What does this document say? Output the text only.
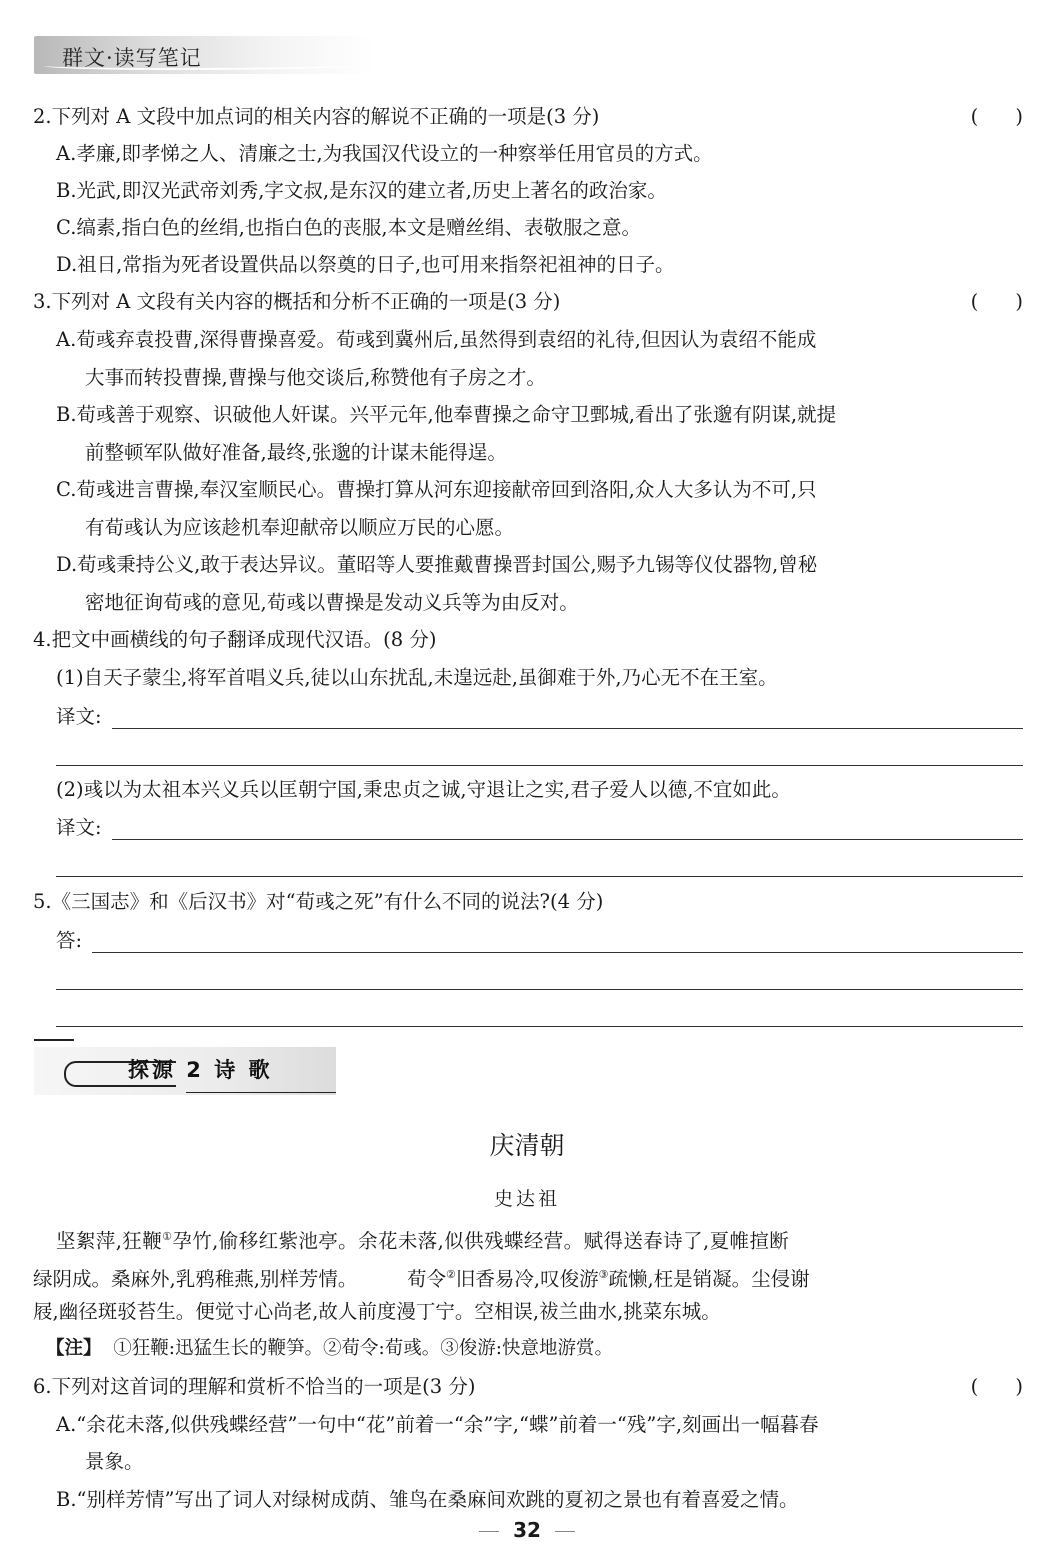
群文·读写笔记
2.下列对 A 文段中加点词的相关内容的解说不正确的一项是(3 分)	(      )
A.孝廉,即孝悌之人、清廉之士,为我国汉代设立的一种察举任用官员的方式。
B.光武,即汉光武帝刘秀,字文叔,是东汉的建立者,历史上著名的政治家。
C.缟素,指白色的丝绢,也指白色的丧服,本文是赠丝绢、表敬服之意。
D.祖日,常指为死者设置供品以祭奠的日子,也可用来指祭祀祖神的日子。
3.下列对 A 文段有关内容的概括和分析不正确的一项是(3 分)	(      )
A.荀彧弃袁投曹,深得曹操喜爱。荀彧到冀州后,虽然得到袁绍的礼待,但因认为袁绍不能成
大事而转投曹操,曹操与他交谈后,称赞他有子房之才。
B.荀彧善于观察、识破他人奸谋。兴平元年,他奉曹操之命守卫鄄城,看出了张邈有阴谋,就提
前整顿军队做好准备,最终,张邈的计谋未能得逞。
C.荀彧进言曹操,奉汉室顺民心。曹操打算从河东迎接献帝回到洛阳,众人大多认为不可,只
有荀彧认为应该趁机奉迎献帝以顺应万民的心愿。
D.荀彧秉持公义,敢于表达异议。董昭等人要推戴曹操晋封国公,赐予九锡等仪仗器物,曾秘
密地征询荀彧的意见,荀彧以曹操是发动义兵等为由反对。
4.把文中画横线的句子翻译成现代汉语。(8 分)
(1)自天子蒙尘,将军首唱义兵,徒以山东扰乱,未遑远赴,虽御难于外,乃心无不在王室。
译文:
(2)彧以为太祖本兴义兵以匡朝宁国,秉忠贞之诚,守退让之实,君子爱人以德,不宜如此。
译文:
5.《三国志》和《后汉书》对“荀彧之死”有什么不同的说法?(4 分)
答:
探源 2 诗 歌
庆清朝
史达祖
坚絮萍,狂鞭①孕竹,偷移红紫池亭。余花未落,似供残蝶经营。赋得送春诗了,夏帷揎断
绿阴成。桑麻外,乳鸦稚燕,别样芳情。        荀令②旧香易冷,叹俊游③疏懒,枉是销凝。尘侵谢
屐,幽径斑驳苔生。便觉寸心尚老,故人前度漫丁宁。空相误,祓兰曲水,挑菜东城。
【注】 ①狂鞭:迅猛生长的鞭笋。②荀令:荀彧。③俊游:快意地游赏。
6.下列对这首词的理解和赏析不恰当的一项是(3 分)	(      )
A.“余花未落,似供残蝶经营”一句中“花”前着一“余”字,“蝶”前着一“残”字,刻画出一幅暮春
景象。
B.“别样芳情”写出了词人对绿树成荫、雏鸟在桑麻间欢跳的夏初之景也有着喜爱之情。
32
